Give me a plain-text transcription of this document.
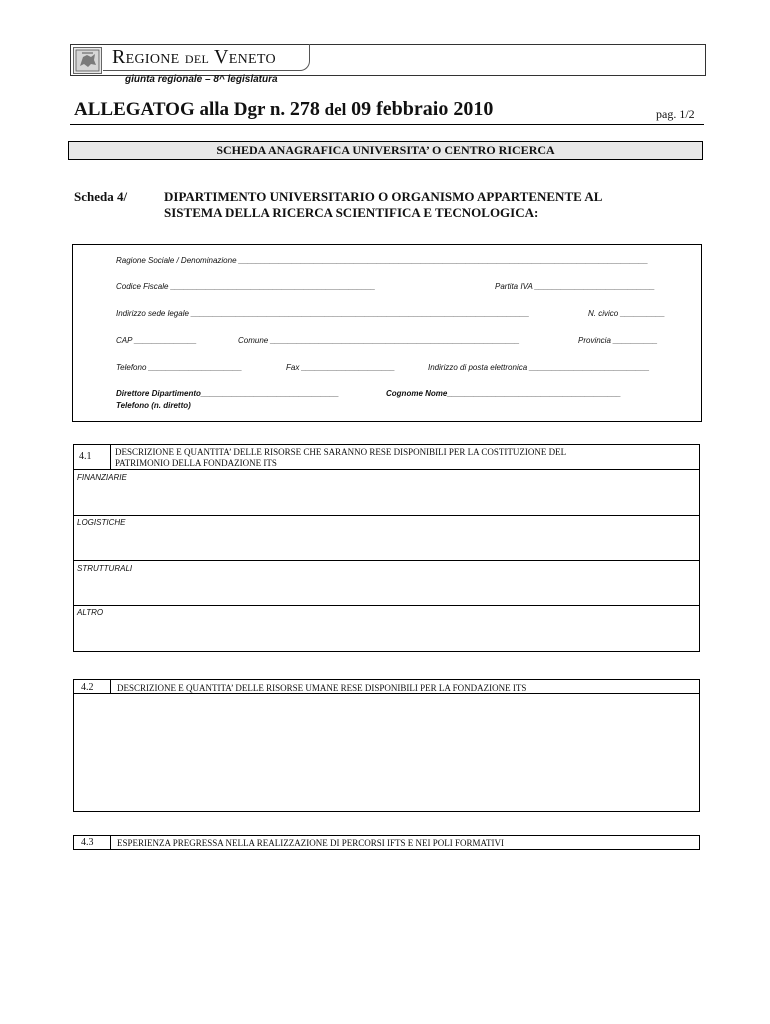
REGIONE DEL VENETO
giunta regionale – 8^ legislatura
ALLEGATOG alla Dgr n. 278 del 09 febbraio 2010	pag. 1/2
SCHEDA ANAGRAFICA UNIVERSITA’ O CENTRO RICERCA
Scheda 4/	DIPARTIMENTO UNIVERSITARIO O ORGANISMO APPARTENENTE AL
SISTEMA DELLA RICERCA SCIENTIFICA E TECNOLOGICA:
Ragione Sociale / Denominazione ____________________________________________________________________________________________
Codice Fiscale ______________________________________________	Partita IVA ___________________________
Indirizzo sede legale ____________________________________________________________________________	N. civico __________
CAP ______________	Comune ________________________________________________________	Provincia __________
Telefono _____________________	Fax _____________________	Indirizzo di posta elettronica ___________________________
Direttore Dipartimento_______________________________	Cognome Nome_______________________________________
Telefono (n. diretto)
4.1	DESCRIZIONE E QUANTITA’ DELLE RISORSE CHE SARANNO RESE DISPONIBILI PER LA COSTITUZIONE DEL
PATRIMONIO DELLA FONDAZIONE ITS
FINANZIARIE
LOGISTICHE
STRUTTURALI
ALTRO
4.2	DESCRIZIONE E QUANTITA’ DELLE RISORSE UMANE RESE DISPONIBILI PER LA FONDAZIONE ITS
4.3	ESPERIENZA PREGRESSA NELLA REALIZZAZIONE DI PERCORSI IFTS E NEI POLI FORMATIVI
